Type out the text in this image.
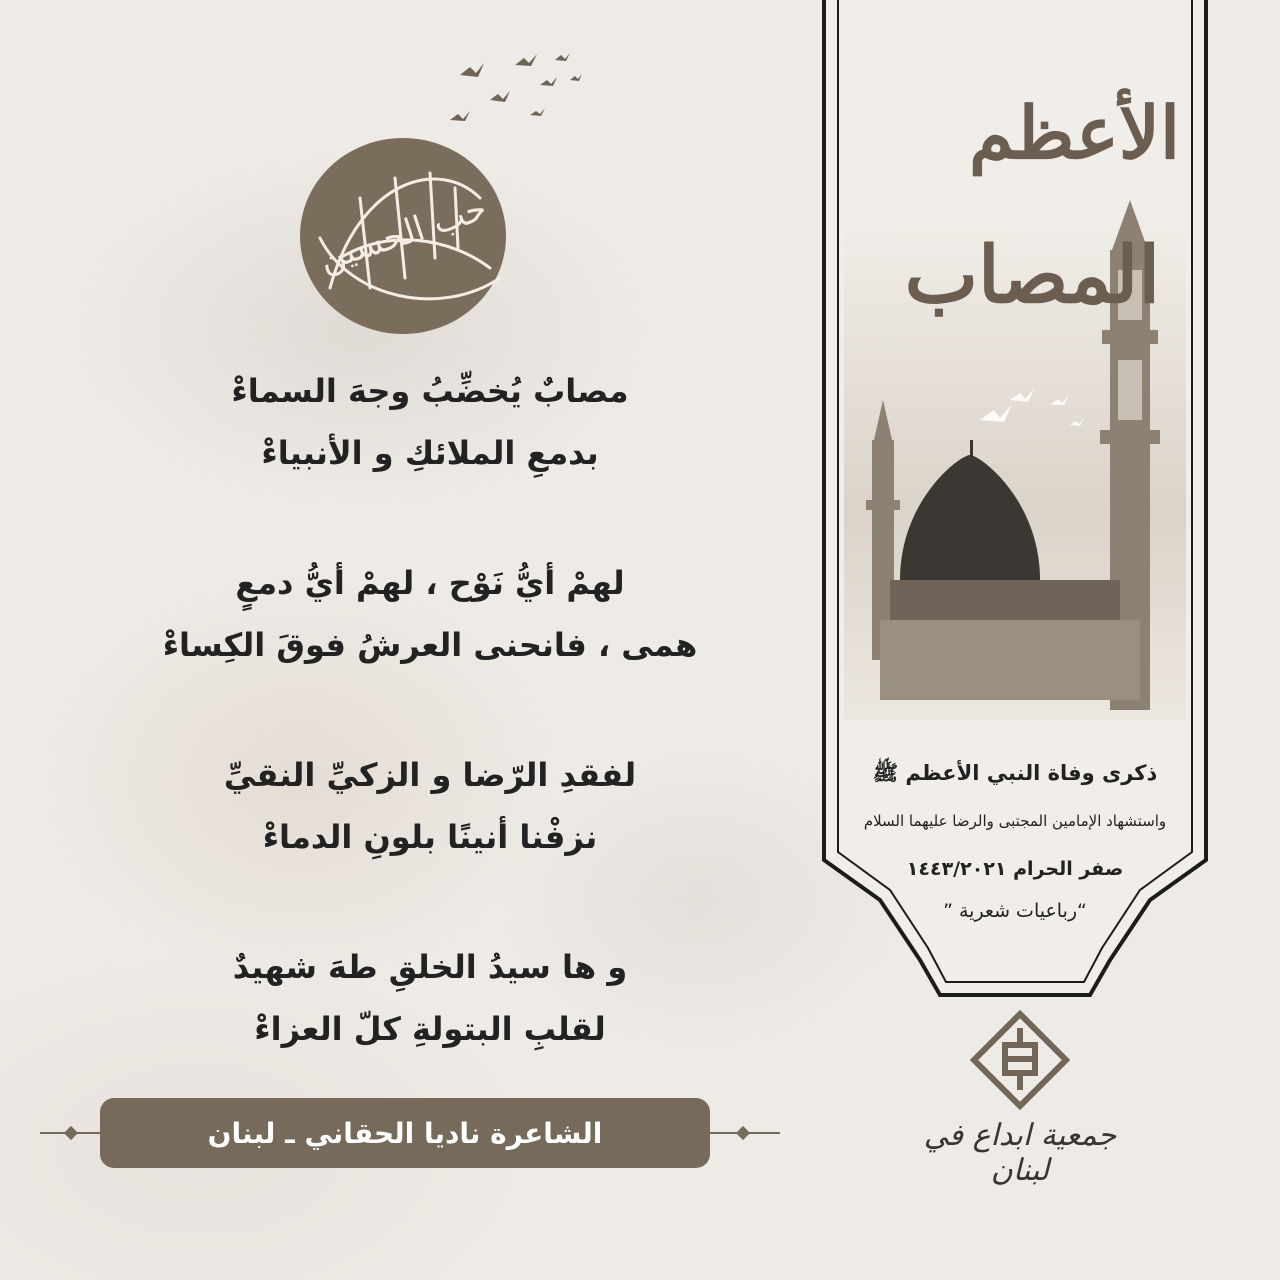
حب الحسين
مصابٌ يُخضِّبُ وجهَ السماءْ
بدمعِ الملائكِ و الأنبياءْ
لهمْ أيُّ نَوْح ، لهمْ أيُّ دمعٍ
همى ، فانحنى العرشُ فوقَ الكِساءْ
لفقدِ الرّضا و الزكيِّ النقيِّ
نزفْنا أنينًا بلونِ الدماءْ
و ها سيدُ الخلقِ طهَ شهيدٌ
لقلبِ البتولةِ كلّ العزاءْ
الشاعرة ناديا الحقاني ـ لبنان
الأعظم
المصاب
ذكرى وفاة النبي الأعظم ﷺ
واستشهاد الإمامين المجتبى والرضا عليهما السلام
صفر الحرام ١٤٤٣/٢٠٢١
“رباعيات شعرية ”
جمعية ابداع في لبنان
